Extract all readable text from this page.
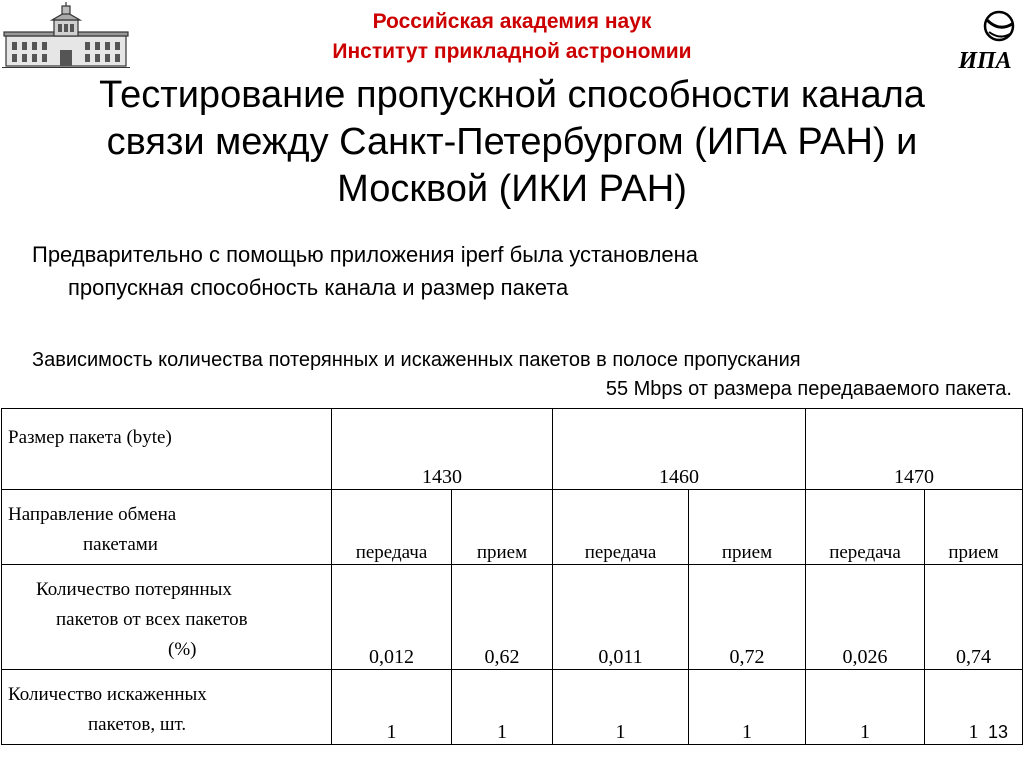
ИПА
Российская академия наук
Институт прикладной астрономии
Тестирование пропускной способности канала
связи между Санкт-Петербургом (ИПА РАН) и
Москвой (ИКИ РАН)
Предварительно с помощью приложения iperf была установлена
пропускная способность канала и размер пакета
Зависимость количества потерянных и искаженных пакетов в полосе пропускания
55 Mbps от размера передаваемого пакета.
Размер пакета (byte)	1430		1460		1470	
Направление обмена
пакетами	передача	прием	передача	прием	передача	прием

Количество потерянных
пакетов от всех пакетов
(%)	0,012	0,62	0,011	0,72	0,026	0,74

Количество искаженных
пакетов, шт.	1	1	1	1	1	1 13
